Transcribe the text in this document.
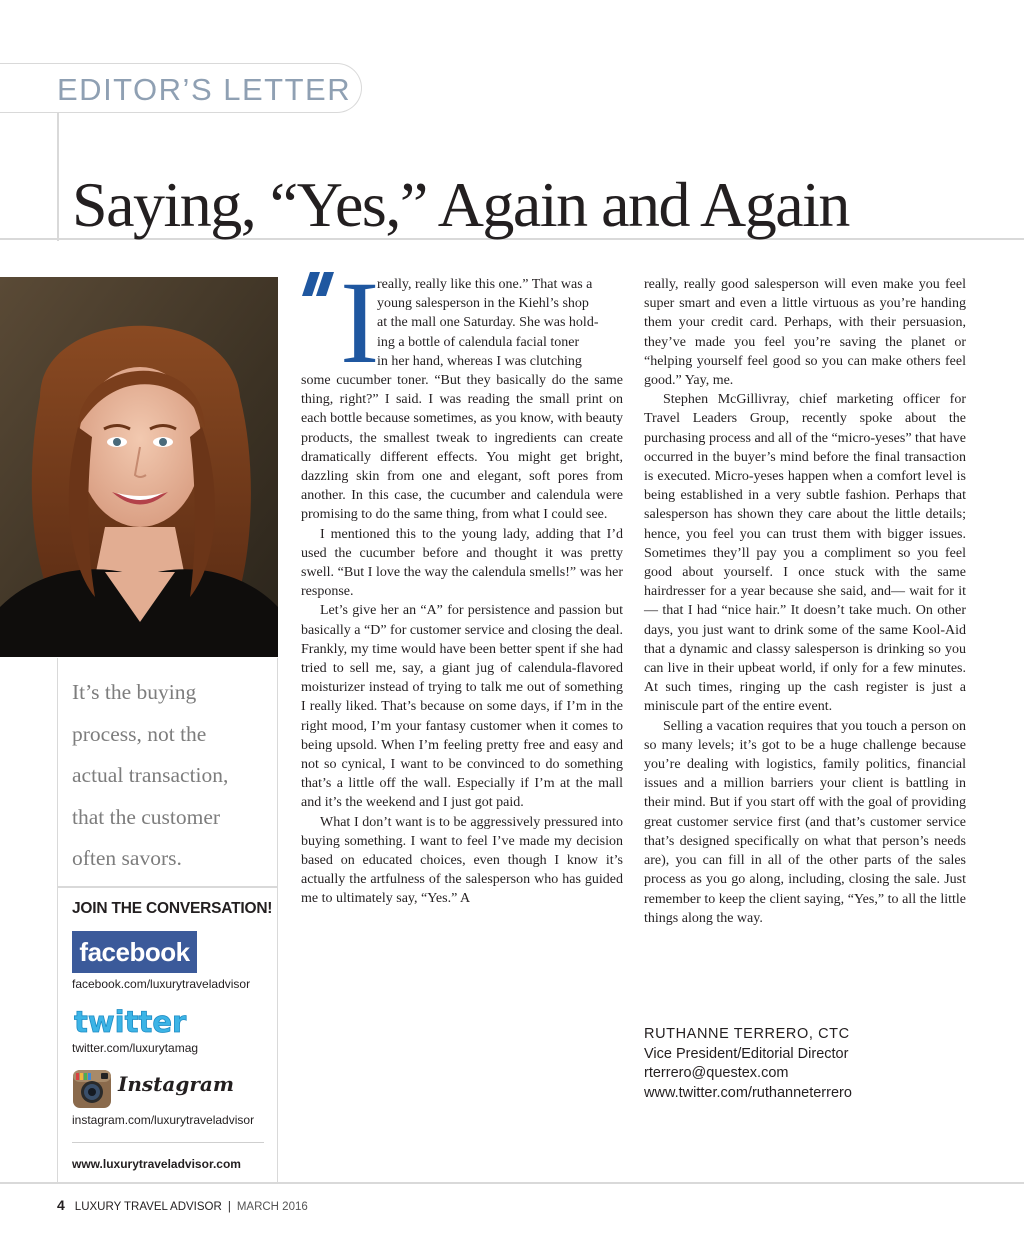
EDITOR’S LETTER
Saying, “Yes,” Again and Again
It’s the buying
process, not the
actual transaction,
that the customer
often savors.
JOIN THE CONVERSATION!
facebook
facebook.com/luxurytraveladvisor
twitter
twitter.com/luxurytamag
Instagram
instagram.com/luxurytraveladvisor
www.luxurytraveladvisor.com
I
really, really like this one.” That was a
young salesperson in the Kiehl’s shop
at the mall one Saturday. She was hold-
ing a bottle of calendula facial toner
in her hand, whereas I was clutching

some cucumber toner. “But they basically do the same thing, right?” I said. I was reading the small print on each bottle because sometimes, as you know, with beauty products, the smallest tweak to ingredients can create dramatically different effects. You might get bright, dazzling skin from one and elegant, soft pores from another. In this case, the cucumber and calendula were promising to do the same thing, from what I could see.

I mentioned this to the young lady, adding that I’d used the cucumber before and thought it was pretty swell. “But I love the way the calendula smells!” was her response.

Let’s give her an “A” for persistence and passion but basically a “D” for customer service and closing the deal. Frankly, my time would have been better spent if she had tried to sell me, say, a giant jug of calendula-flavored moisturizer instead of trying to talk me out of something I really liked. That’s because on some days, if I’m in the right mood, I’m your fantasy customer when it comes to being upsold. When I’m feeling pretty free and easy and not so cynical, I want to be convinced to do something that’s a little off the wall. Especially if I’m at the mall and it’s the weekend and I just got paid.

What I don’t want is to be aggressively pressured into buying something. I want to feel I’ve made my decision based on educated choices, even though I know it’s actually the artfulness of the salesperson who has guided me to ultimately say, “Yes.” A

really, really good salesperson will even make you feel super smart and even a little virtuous as you’re handing them your credit card. Perhaps, with their persuasion, they’ve made you feel you’re saving the planet or “helping yourself feel good so you can make others feel good.” Yay, me.

Stephen McGillivray, chief marketing officer for Travel Leaders Group, recently spoke about the purchasing process and all of the “micro-yeses” that have occurred in the buyer’s mind before the final transaction is executed. Micro-yeses happen when a comfort level is being established in a very subtle fashion. Perhaps that salesperson has shown they care about the little details; hence, you feel you can trust them with bigger issues. Sometimes they’ll pay you a compliment so you feel good about yourself. I once stuck with the same hairdresser for a year because she said, and— wait for it— that I had “nice hair.” It doesn’t take much. On other days, you just want to drink some of the same Kool-Aid that a dynamic and classy salesperson is drinking so you can live in their upbeat world, if only for a few minutes. At such times, ringing up the cash register is just a miniscule part of the entire event.

Selling a vacation requires that you touch a person on so many levels; it’s got to be a huge challenge because you’re dealing with logistics, family politics, financial issues and a million barriers your client is battling in their mind. But if you start off with the goal of providing great customer service first (and that’s customer service that’s designed specifically on what that person’s needs are), you can fill in all of the other parts of the sales process as you go along, including, closing the sale. Just remember to keep the client saying, “Yes,” to all the little things along the way.

RUTHANNE TERRERO, CTC
Vice President/Editorial Director
rterrero@questex.com
www.twitter.com/ruthanneterrero
4 LUXURY TRAVEL ADVISOR | MARCH 2016
